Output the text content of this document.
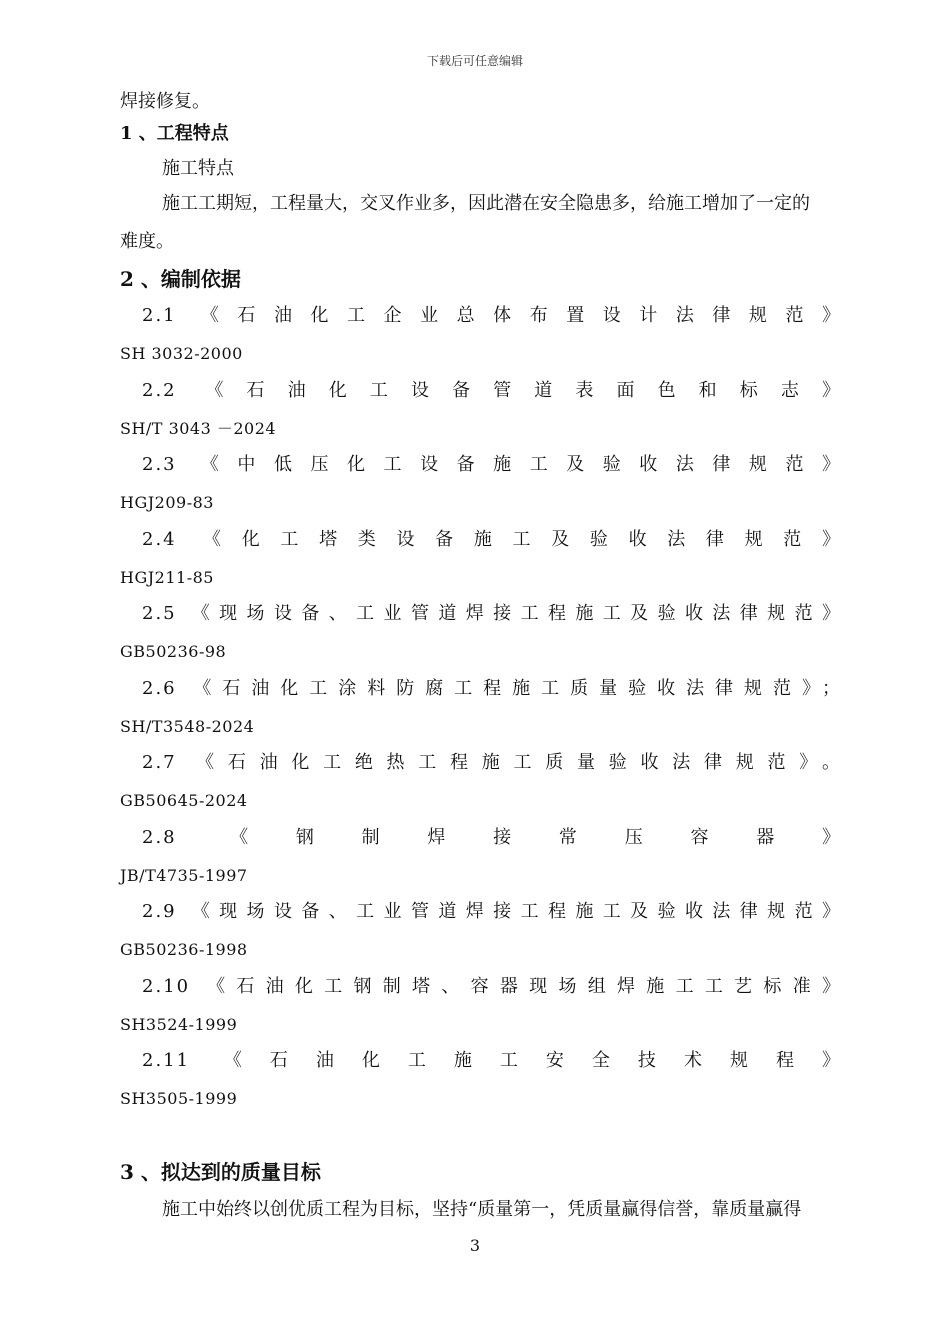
下载后可任意编辑
焊接修复。
1 、工程特点
施工特点
施工工期短，工程量大，交叉作业多，因此潜在安全隐患多，给施工增加了一定的
难度。
2 、编制依据
2.1 《石油化工企业总体布置设计法律规范》
SH 3032-2000
2.2 《石油化工设备管道表面色和标志》
SH/T 3043 －2024
2.3 《中低压化工设备施工及验收法律规范》
HGJ209-83
2.4 《化工塔类设备施工及验收法律规范》
HGJ211-85
2.5 《现场设备、工业管道焊接工程施工及验收法律规范》
GB50236-98
2.6 《石油化工涂料防腐工程施工质量验收法律规范》；
SH/T3548-2024
2.7 《石油化工绝热工程施工质量验收法律规范》。
GB50645-2024
2.8 《钢制焊接常压容器》
JB/T4735-1997
2.9 《现场设备、工业管道焊接工程施工及验收法律规范》
GB50236-1998
2.10 《石油化工钢制塔、容器现场组焊施工工艺标准》
SH3524-1999
2.11 《石油化工施工安全技术规程》
SH3505-1999
3 、拟达到的质量目标
施工中始终以创优质工程为目标，坚持“质量第一，凭质量赢得信誉，靠质量赢得
3
